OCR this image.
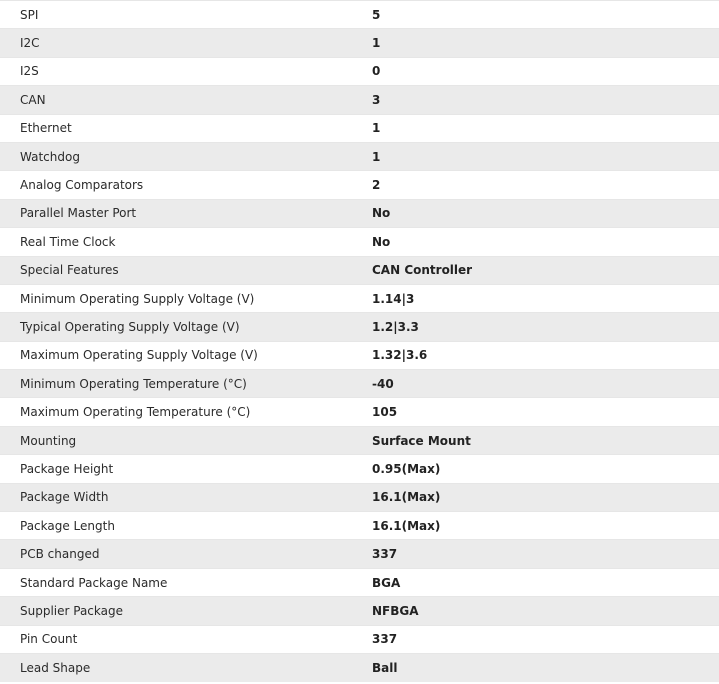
SPI	5
I2C	1
I2S	0
CAN	3
Ethernet	1
Watchdog	1
Analog Comparators	2
Parallel Master Port	No
Real Time Clock	No
Special Features	CAN Controller
Minimum Operating Supply Voltage (V)	1.14|3
Typical Operating Supply Voltage (V)	1.2|3.3
Maximum Operating Supply Voltage (V)	1.32|3.6
Minimum Operating Temperature (°C)	-40
Maximum Operating Temperature (°C)	105
Mounting	Surface Mount
Package Height	0.95(Max)
Package Width	16.1(Max)
Package Length	16.1(Max)
PCB changed	337
Standard Package Name	BGA
Supplier Package	NFBGA
Pin Count	337
Lead Shape	Ball
